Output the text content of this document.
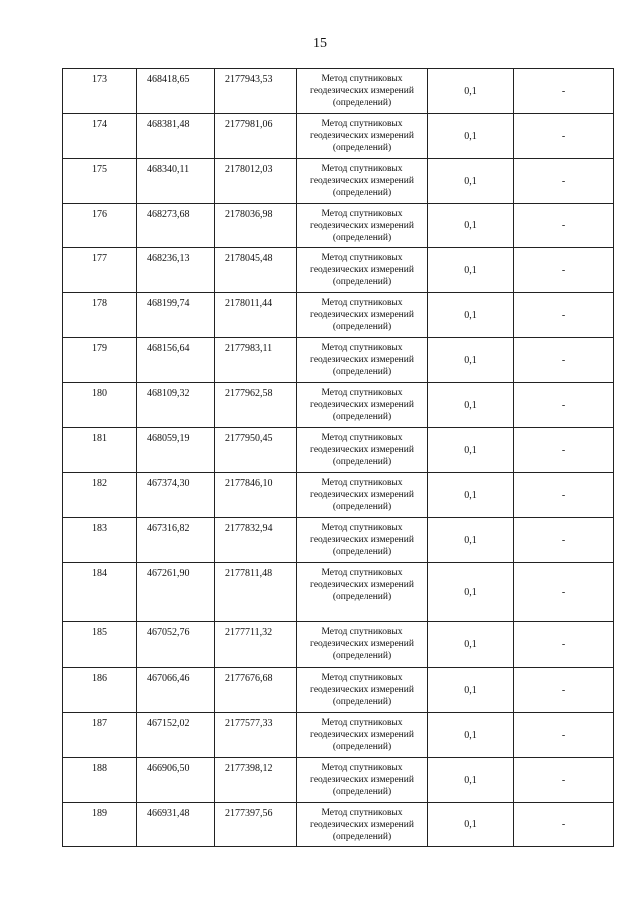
15
173	468418,65	2177943,53	Метод спутниковых геодезических измерений (определений)	0,1	-
174	468381,48	2177981,06	Метод спутниковых геодезических измерений (определений)	0,1	-
175	468340,11	2178012,03	Метод спутниковых геодезических измерений (определений)	0,1	-
176	468273,68	2178036,98	Метод спутниковых геодезических измерений (определений)	0,1	-
177	468236,13	2178045,48	Метод спутниковых геодезических измерений (определений)	0,1	-
178	468199,74	2178011,44	Метод спутниковых геодезических измерений (определений)	0,1	-
179	468156,64	2177983,11	Метод спутниковых геодезических измерений (определений)	0,1	-
180	468109,32	2177962,58	Метод спутниковых геодезических измерений (определений)	0,1	-
181	468059,19	2177950,45	Метод спутниковых геодезических измерений (определений)	0,1	-
182	467374,30	2177846,10	Метод спутниковых геодезических измерений (определений)	0,1	-
183	467316,82	2177832,94	Метод спутниковых геодезических измерений (определений)	0,1	-
184	467261,90	2177811,48	Метод спутниковых геодезических измерений (определений)	0,1	-
185	467052,76	2177711,32	Метод спутниковых геодезических измерений (определений)	0,1	-
186	467066,46	2177676,68	Метод спутниковых геодезических измерений (определений)	0,1	-
187	467152,02	2177577,33	Метод спутниковых геодезических измерений (определений)	0,1	-
188	466906,50	2177398,12	Метод спутниковых геодезических измерений (определений)	0,1	-
189	466931,48	2177397,56	Метод спутниковых геодезических измерений (определений)	0,1	-
